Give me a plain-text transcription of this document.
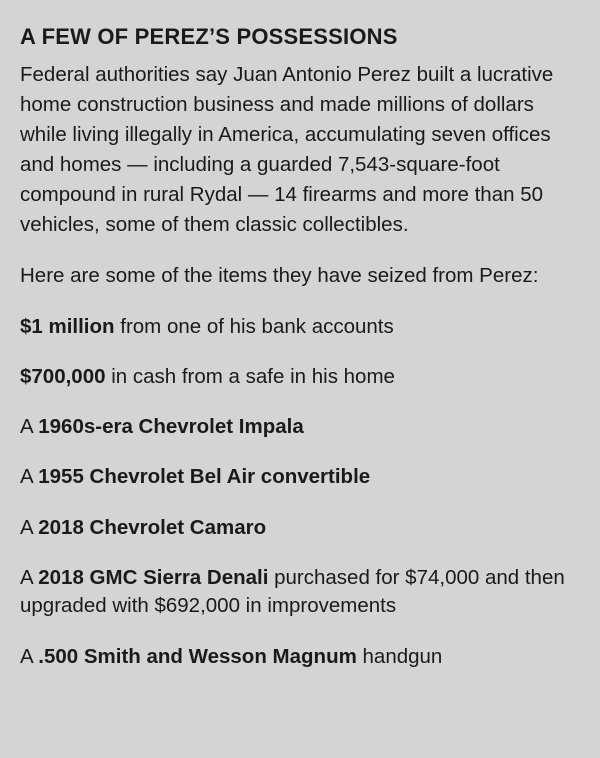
A FEW OF PEREZ’S POSSESSIONS

Federal authorities say Juan Antonio Perez built a lucrative home construction business and made millions of dollars while living illegally in America, accumulating seven offices and homes — including a guarded 7,543-square-foot compound in rural Rydal — 14 firearms and more than 50 vehicles, some of them classic collectibles.

Here are some of the items they have seized from Perez:

$1 million from one of his bank accounts
$700,000 in cash from a safe in his home
A 1960s-era Chevrolet Impala
A 1955 Chevrolet Bel Air convertible
A 2018 Chevrolet Camaro
A 2018 GMC Sierra Denali purchased for $74,000 and then upgraded with $692,000 in improvements
A .500 Smith and Wesson Magnum handgun
